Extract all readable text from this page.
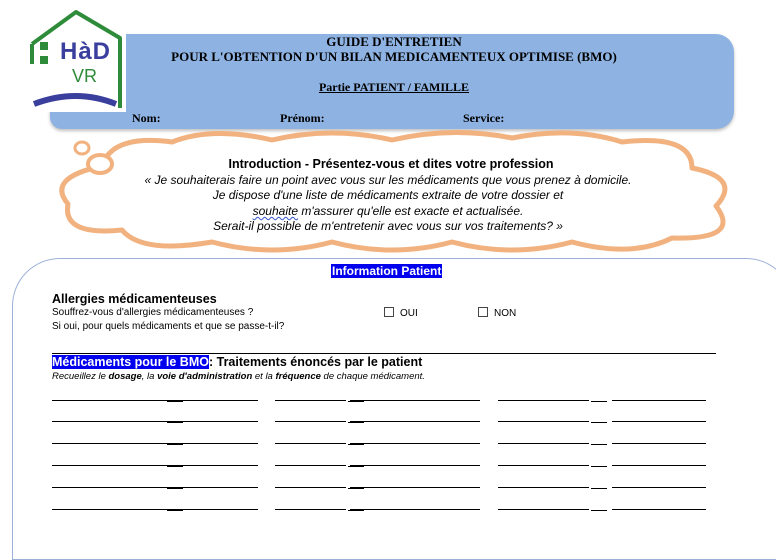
GUIDE D'ENTRETIEN
POUR L'OBTENTION D'UN BILAN MEDICAMENTEUX OPTIMISE (BMO)
Partie PATIENT / FAMILLE
Nom:	Prénom:	Service:
HàD
VR
Introduction - Présentez-vous et dites votre profession
« Je souhaiterais faire un point avec vous sur les médicaments que vous prenez à domicile.
Je dispose d'une liste de médicaments extraite de votre dossier et
souhaite m'assurer qu'elle est exacte et actualisée.
Serait-il possible de m'entretenir avec vous sur vos traitements? »
Information Patient
Allergies médicamenteuses
Souffrez-vous d'allergies médicamenteuses ?	OUI	NON
Si oui, pour quels médicaments et que se passe-t-il?
Médicaments pour le BMO: Traitements énoncés par le patient
Recueillez le dosage, la voie d'administration et la fréquence de chaque médicament.
